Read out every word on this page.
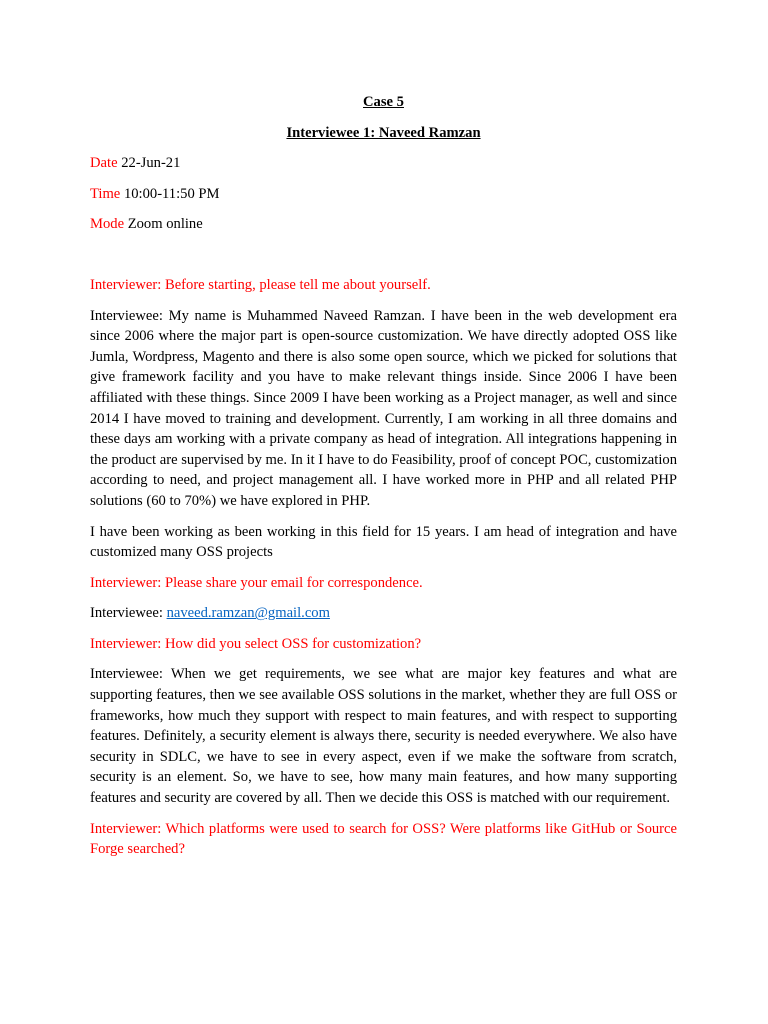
Case 5

Interviewee 1: Naveed Ramzan

Date 22-Jun-21

Time 10:00-11:50 PM

Mode Zoom online

Interviewer: Before starting, please tell me about yourself.

Interviewee: My name is Muhammed Naveed Ramzan. I have been in the web development era since 2006 where the major part is open-source customization. We have directly adopted OSS like Jumla, Wordpress, Magento and there is also some open source, which we picked for solutions that give framework facility and you have to make relevant things inside. Since 2006 I have been affiliated with these things. Since 2009 I have been working as a Project manager, as well and since 2014 I have moved to training and development. Currently, I am working in all three domains and these days am working with a private company as head of integration. All integrations happening in the product are supervised by me. In it I have to do Feasibility, proof of concept POC, customization according to need, and project management all. I have worked more in PHP and all related PHP solutions (60 to 70%) we have explored in PHP.

I have been working as been working in this field for 15 years. I am head of integration and have customized many OSS projects

Interviewer: Please share your email for correspondence.

Interviewee: naveed.ramzan@gmail.com

Interviewer: How did you select OSS for customization?

Interviewee: When we get requirements, we see what are major key features and what are supporting features, then we see available OSS solutions in the market, whether they are full OSS or frameworks, how much they support with respect to main features, and with respect to supporting features. Definitely, a security element is always there, security is needed everywhere. We also have security in SDLC, we have to see in every aspect, even if we make the software from scratch, security is an element. So, we have to see, how many main features, and how many supporting features and security are covered by all. Then we decide this OSS is matched with our requirement.

Interviewer: Which platforms were used to search for OSS? Were platforms like GitHub or Source Forge searched?
